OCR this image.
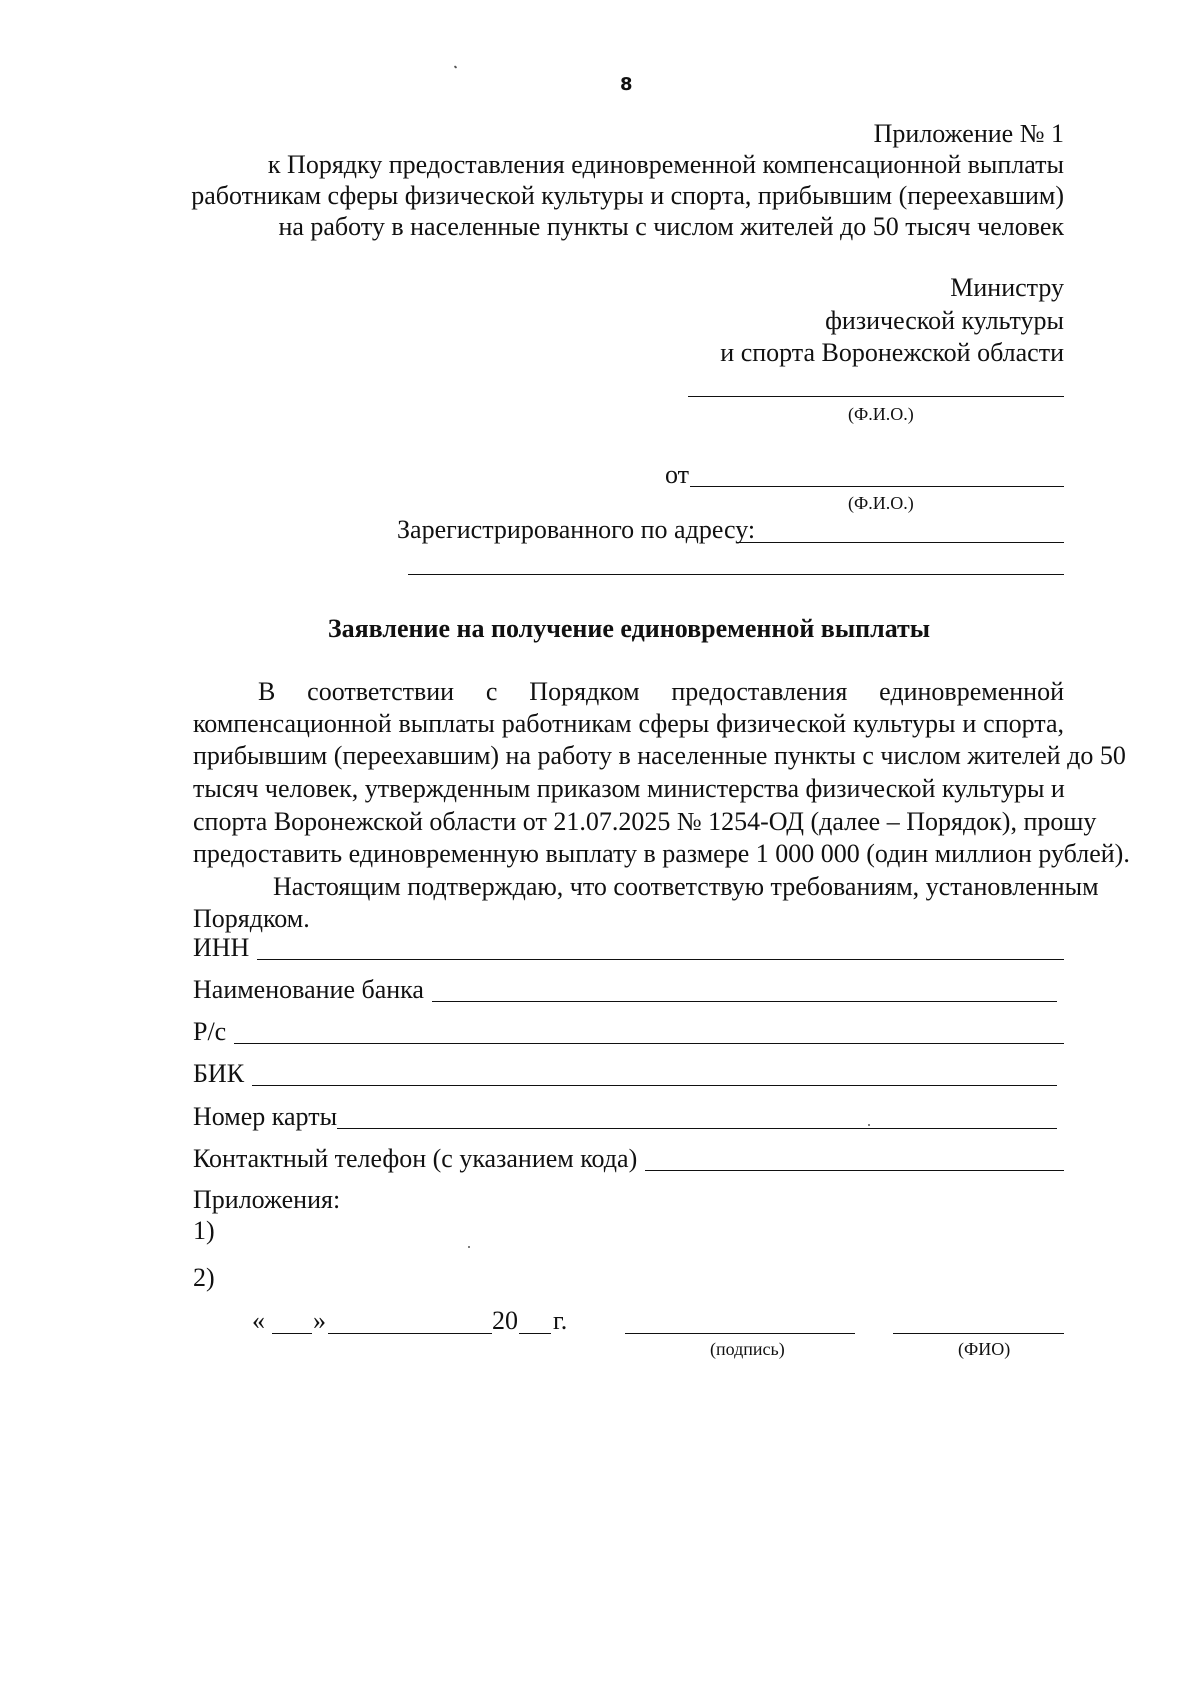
8
Приложение № 1
к Порядку предоставления единовременной компенсационной выплаты
работникам сферы физической культуры и спорта, прибывшим (переехавшим)
на работу в населенные пункты с числом жителей до 50 тысяч человек
Министру
физической культуры
и спорта Воронежской области
(Ф.И.О.)
от
(Ф.И.О.)
Зарегистрированного по адресу:
Заявление на получение единовременной выплаты
В соответствии с Порядком предоставления единовременной
компенсационной выплаты работникам сферы физической культуры и спорта,
прибывшим (переехавшим) на работу в населенные пункты с числом жителей до 50
тысяч человек, утвержденным приказом министерства физической культуры и
спорта Воронежской области от 21.07.2025 № 1254-ОД (далее – Порядок), прошу
предоставить единовременную выплату в размере 1 000 000 (один миллион рублей).
Настоящим подтверждаю, что соответствую требованиям, установленным
Порядком.
ИНН
Наименование банка
Р/с
БИК
Номер карты
Контактный телефон (с указанием кода)
Приложения:
1)
2)
« »	20 г.
(подпись)	(ФИО)
